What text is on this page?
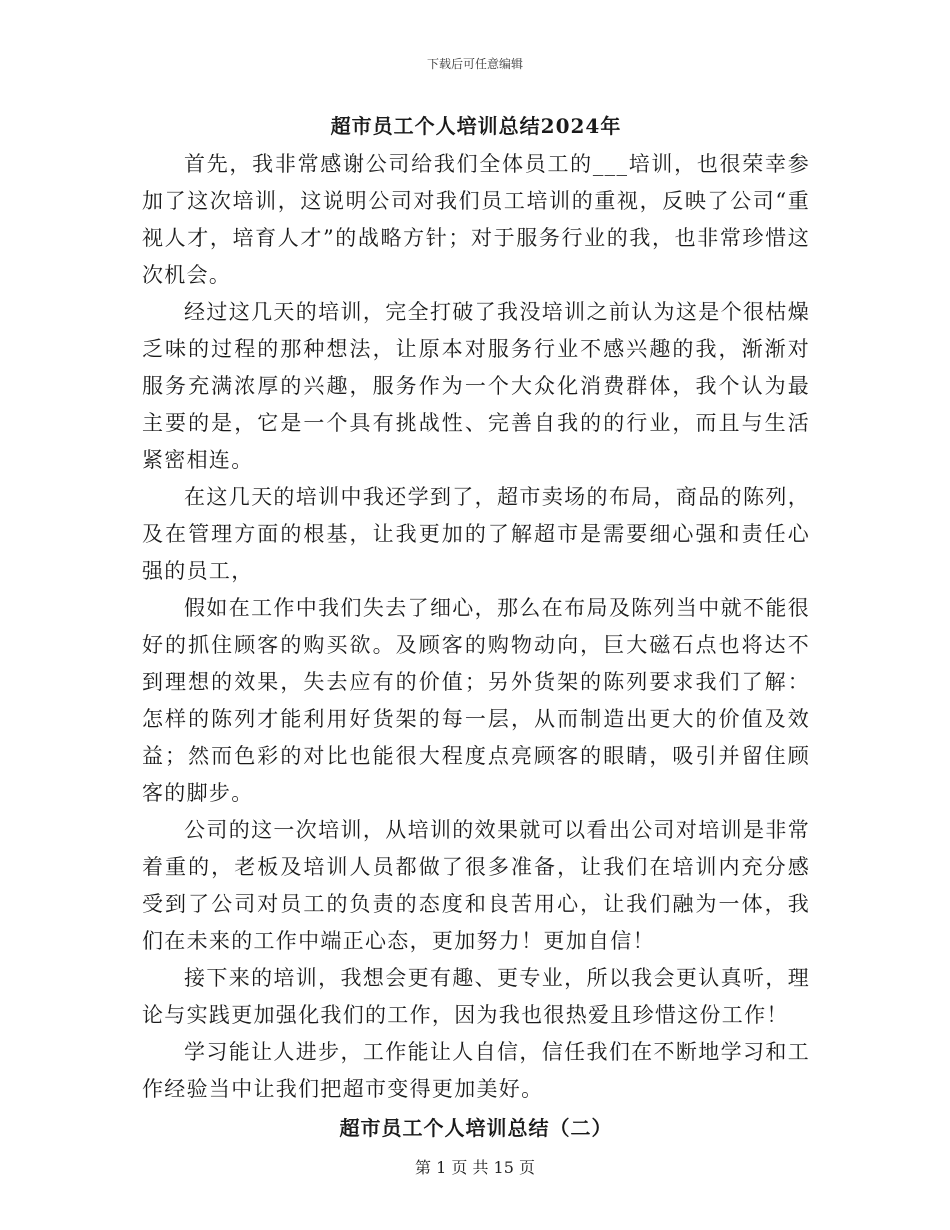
下载后可任意编辑
超市员工个人培训总结2024年

首先，我非常感谢公司给我们全体员工的___培训，也很荣幸参加了这次培训，这说明公司对我们员工培训的重视，反映了公司“重视人才，培育人才”的战略方针；对于服务行业的我，也非常珍惜这次机会。

经过这几天的培训，完全打破了我没培训之前认为这是个很枯燥乏味的过程的那种想法，让原本对服务行业不感兴趣的我，渐渐对服务充满浓厚的兴趣，服务作为一个大众化消费群体，我个认为最主要的是，它是一个具有挑战性、完善自我的的行业，而且与生活紧密相连。

在这几天的培训中我还学到了，超市卖场的布局，商品的陈列，及在管理方面的根基，让我更加的了解超市是需要细心强和责任心强的员工，

假如在工作中我们失去了细心，那么在布局及陈列当中就不能很好的抓住顾客的购买欲。及顾客的购物动向，巨大磁石点也将达不到理想的效果，失去应有的价值；另外货架的陈列要求我们了解：怎样的陈列才能利用好货架的每一层，从而制造出更大的价值及效益；然而色彩的对比也能很大程度点亮顾客的眼睛，吸引并留住顾客的脚步。

公司的这一次培训，从培训的效果就可以看出公司对培训是非常着重的，老板及培训人员都做了很多准备，让我们在培训内充分感受到了公司对员工的负责的态度和良苦用心，让我们融为一体，我们在未来的工作中端正心态，更加努力！更加自信！

接下来的培训，我想会更有趣、更专业，所以我会更认真听，理论与实践更加强化我们的工作，因为我也很热爱且珍惜这份工作！

学习能让人进步，工作能让人自信，信任我们在不断地学习和工作经验当中让我们把超市变得更加美好。

超市员工个人培训总结（二）
第 1 页 共 15 页
